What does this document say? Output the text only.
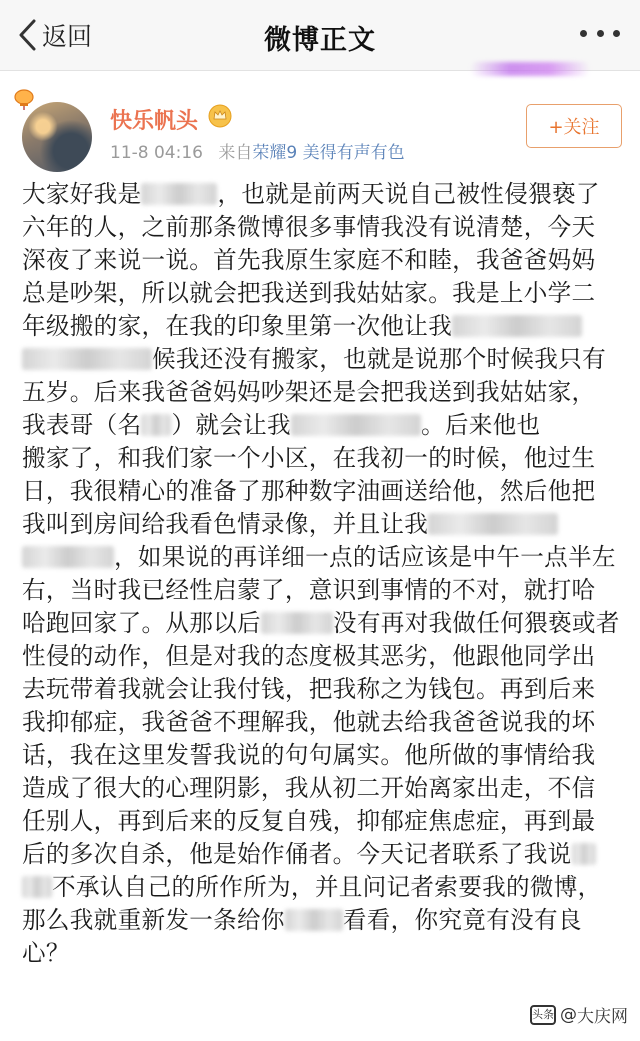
返回	微博正文
快乐帆头
11-8 04:16 来自荣耀9 美得有声有色
+关注
大家好我是	，也就是前两天说自己被性侵猥亵了
六年的人，之前那条微博很多事情我没有说清楚，今天
深夜了来说一说。首先我原生家庭不和睦，我爸爸妈妈
总是吵架，所以就会把我送到我姑姑家。我是上小学二
年级搬的家，在我的印象里第一次他让我
候我还没有搬家，也就是说那个时候我只有
五岁。后来我爸爸妈妈吵架还是会把我送到我姑姑家，
我表哥（名 ）就会让我	。后来他也
搬家了，和我们家一个小区，在我初一的时候，他过生
日，我很精心的准备了那种数字油画送给他，然后他把
我叫到房间给我看色情录像，并且让我
，如果说的再详细一点的话应该是中午一点半左
右，当时我已经性启蒙了，意识到事情的不对，就打哈
哈跑回家了。从那以后	没有再对我做任何猥亵或者
性侵的动作，但是对我的态度极其恶劣，他跟他同学出
去玩带着我就会让我付钱，把我称之为钱包。再到后来
我抑郁症，我爸爸不理解我，他就去给我爸爸说我的坏
话，我在这里发誓我说的句句属实。他所做的事情给我
造成了很大的心理阴影，我从初二开始离家出走，不信
任别人，再到后来的反复自残，抑郁症焦虑症，再到最
后的多次自杀，他是始作俑者。今天记者联系了我说
不承认自己的所作所为，并且问记者索要我的微博，
那么我就重新发一条给你 看看，你究竟有没有良
心？
头条 @ 大庆网
